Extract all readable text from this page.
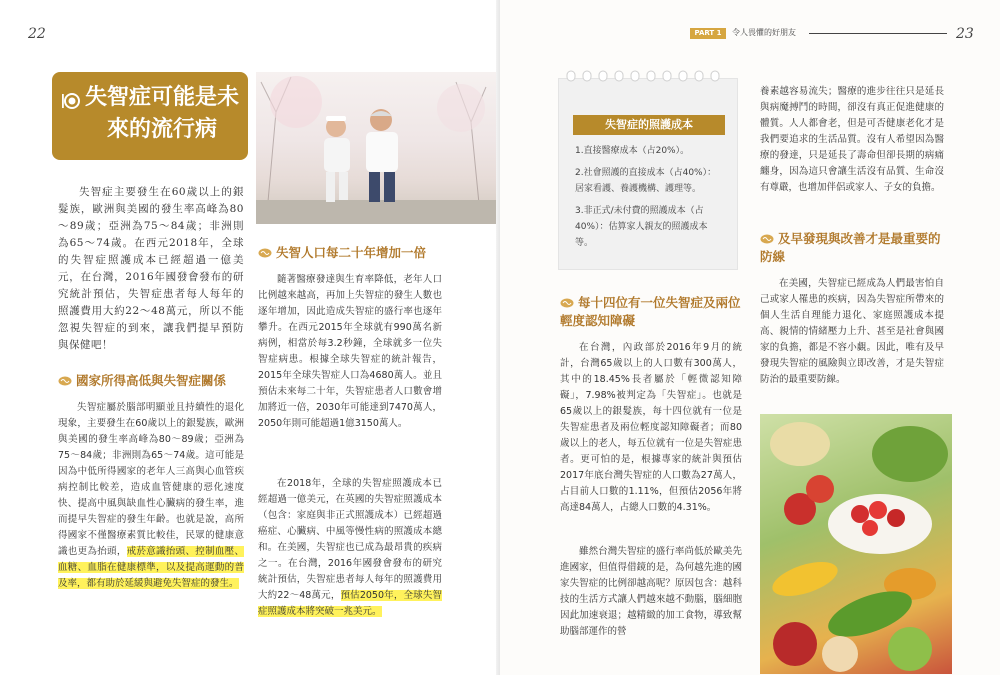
22
失智症可能是未來的流行病
失智症主要發生在60歲以上的銀髮族，歐洲與美國的發生率高峰為80～89歲；亞洲為75～84歲；非洲則為65～74歲。在西元2018年，全球的失智症照護成本已經超過一億美元，在台灣，2016年國發會發布的研究統計預估，失智症患者每人每年的照護費用大約22～48萬元，所以不能忽視失智症的到來，讓我們提早預防與保健吧！
國家所得高低與失智症關係
失智症屬於腦部明顯並且持續性的退化現象，主要發生在60歲以上的銀髮族，歐洲與美國的發生率高峰為80～89歲；亞洲為75～84歲；非洲則為65～74歲。這可能是因為中低所得國家的老年人三高與心血管疾病控制比較差，造成血管健康的惡化速度快、提高中風與缺血性心臟病的發生率，進而提早失智症的發生年齡。也就是說，高所得國家不僅醫療素質比較佳，民眾的健康意識也更為抬頭，戒菸意識抬頭、控制血壓、血糖、血脂在健康標準，以及提高運動的普及率，都有助於延緩與避免失智症的發生。
失智人口每二十年增加一倍
隨著醫療發達與生育率降低，老年人口比例越來越高，再加上失智症的發生人數也逐年增加，因此造成失智症的盛行率也逐年攀升。在西元2015年全球就有990萬名新病例，相當於每3.2秒鐘，全球就多一位失智症病患。根據全球失智症的統計報告，2015年全球失智症人口為4680萬人。並且預估未來每二十年，失智症患者人口數會增加將近一倍，2030年可能達到7470萬人，2050年則可能超過1億3150萬人。
在2018年，全球的失智症照護成本已經超過一億美元，在英國的失智症照護成本（包含：家庭與非正式照護成本）已經超過癌症、心臟病、中風等慢性病的照護成本總和。在美國，失智症也已成為最昂貴的疾病之一。在台灣，2016年國發會發布的研究統計預估，失智症患者每人每年的照護費用大約22～48萬元，預估2050年，全球失智症照護成本將突破一兆美元。
PART 1	令人畏懼的好朋友	23
失智症的照護成本
1.直接醫療成本（占20%）。
2.社會照護的直接成本（占40%）：居家看護、養護機構、護理等。
3.非正式/未付費的照護成本（占40%）：估算家人親友的照護成本等。
每十四位有一位失智症及兩位輕度認知障礙
在台灣，內政部於2016年9月的統計，台灣65歲以上的人口數有300萬人，其中的18.45%長者屬於「輕微認知障礙」，7.98%被判定為「失智症」。也就是65歲以上的銀髮族，每十四位就有一位是失智症患者及兩位輕度認知障礙者；而80歲以上的老人，每五位就有一位是失智症患者。更可怕的是，根據專家的統計與預估2017年底台灣失智症的人口數為27萬人，占目前人口數的1.11%，但預估2056年將高達84萬人，占總人口數的4.31%。
雖然台灣失智症的盛行率尚低於歐美先進國家，但值得借鏡的是，為何越先進的國家失智症的比例卻越高呢？原因包含：越科技的生活方式讓人們越來越不動腦，腦細胞因此加速衰退；越精緻的加工食物，導致幫助腦部運作的營
養素越容易流失；醫療的進步往往只是延長與病魔搏鬥的時間，卻沒有真正促進健康的體質。人人都會老，但是可否健康老化才是我們要追求的生活品質。沒有人希望因為醫療的發達，只是延長了壽命但卻長期的病痛纏身，因為這只會讓生活沒有品質、生命沒有尊嚴，也增加伴侶或家人、子女的負擔。
及早發現與改善才是最重要的防線
在美國，失智症已經成為人們最害怕自己或家人罹患的疾病，因為失智症所帶來的個人生活自理能力退化、家庭照護成本提高、親情的情緒壓力上升、甚至是社會與國家的負擔，都是不容小覷。因此，唯有及早發現失智症的風險與立即改善，才是失智症防治的最重要防線。
